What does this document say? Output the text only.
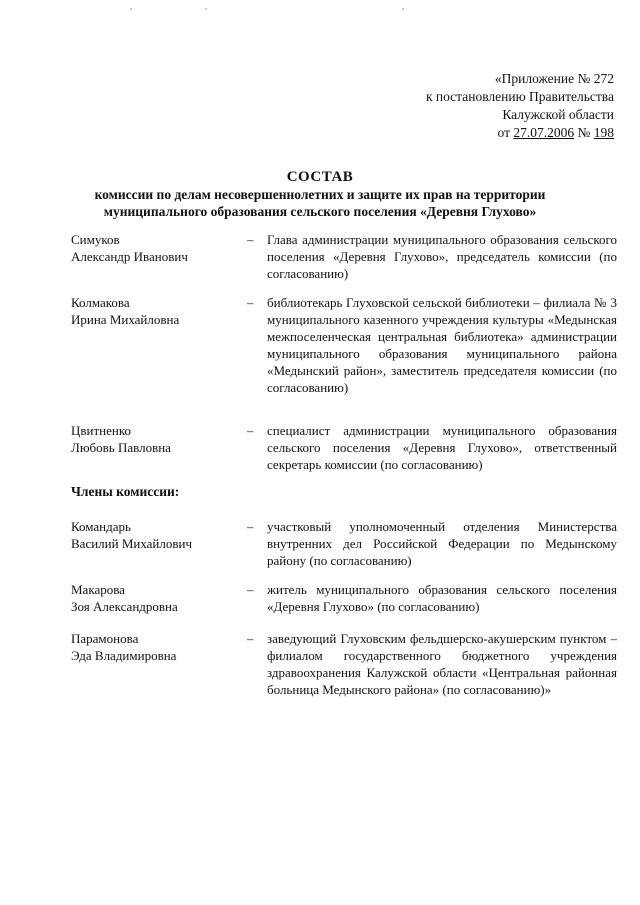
«Приложение № 272
к постановлению Правительства
Калужской области
от 27.07.2006 № 198
СОСТАВ
комиссии по делам несовершеннолетних и защите их прав на территории
муниципального образования сельского поселения «Деревня Глухово»
Симуков
Александр Иванович
– Глава администрации муниципального образования сельского поселения «Деревня Глухово», председатель комиссии (по согласованию)
Колмакова
Ирина Михайловна
– библиотекарь Глуховской сельской библиотеки – филиала № 3 муниципального казенного учреждения культуры «Медынская межпоселенческая центральная библиотека» администрации муниципального образования муниципального района «Медынский район», заместитель председателя комиссии (по согласованию)
Цвитненко
Любовь Павловна
– специалист администрации муниципального образования сельского поселения «Деревня Глухово», ответственный секретарь комиссии (по согласованию)
Члены комиссии:
Командарь
Василий Михайлович
– участковый уполномоченный отделения Министерства внутренних дел Российской Федерации по Медынскому району (по согласованию)
Макарова
Зоя Александровна
– житель муниципального образования сельского поселения «Деревня Глухово» (по согласованию)
Парамонова
Эда Владимировна
– заведующий Глуховским фельдшерско-акушерским пунктом – филиалом государственного бюджетного учреждения здравоохранения Калужской области «Центральная районная больница Медынского района» (по согласованию)»
